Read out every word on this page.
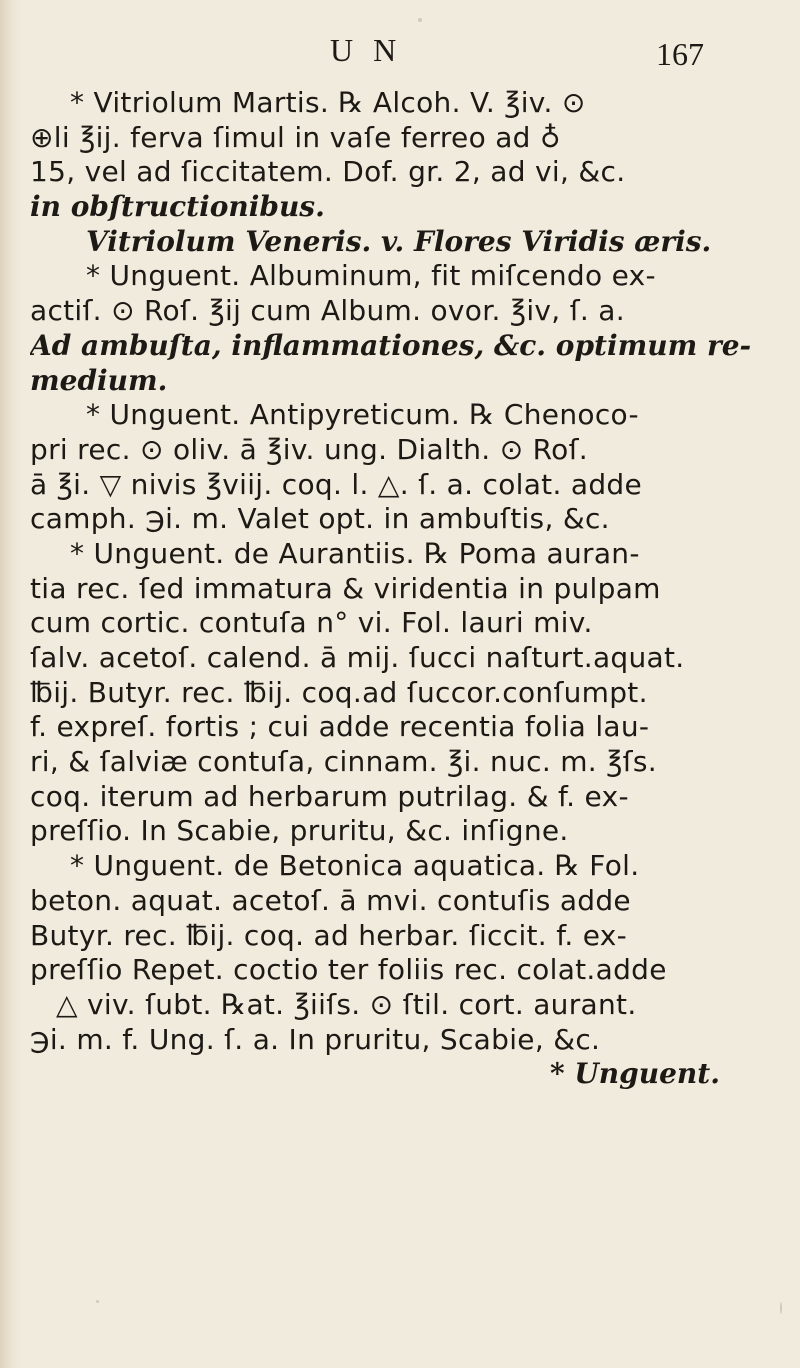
U N	167
* Vitriolum Martis. ℞ Alcoh. V. ℥iv. ⊙
⊕li ℥ij. ferva ſimul in vaſe ferreo ad ♁
15, vel ad ſiccitatem. Dof. gr. 2, ad vi, &c.
in obſtructionibus.
Vitriolum Veneris. v. Flores Viridis æris.
* Unguent. Albuminum, fit miſcendo ex-
actiſ. ⊙ Roſ. ℥ij cum Album. ovor. ℥iv, ſ. a.
Ad ambuſta, inflammationes, &c. optimum re-
medium.
* Unguent. Antipyreticum. ℞ Chenoco-
pri rec. ⊙ oliv. ā ℥iv. ung. Dialth. ⊙ Roſ.
ā ℥i. ▽ nivis ℥viij. coq. l. △. ſ. a. colat. adde
camph. ℈i. m. Valet opt. in ambuſtis, &c.
* Unguent. de Aurantiis. ℞ Poma auran-
tia rec. ſed immatura & viridentia in pulpam
cum cortic. contuſa n° vi. Fol. lauri miv.
ſalv. acetoſ. calend. ā mij. ſucci naſturt.aquat.
℔ij. Butyr. rec. ℔ij. coq.ad ſuccor.conſumpt.
f. expreſ. fortis ; cui adde recentia folia lau-
ri, & ſalviæ contuſa, cinnam. ℥i. nuc. m. ℥ſs.
coq. iterum ad herbarum putrilag. & f. ex-
preſſio. In Scabie, pruritu, &c. inſigne.
* Unguent. de Betonica aquatica. ℞ Fol.
beton. aquat. acetoſ. ā mvi. contuſis adde
Butyr. rec. ℔ij. coq. ad herbar. ſiccit. f. ex-
preſſio Repet. coctio ter foliis rec. colat.adde
△ viv. ſubt. ℞at. ℥iiſs. ⊙ ſtil. cort. aurant.
℈i. m. f. Ung. ſ. a. In pruritu, Scabie, &c.
* Unguent.
